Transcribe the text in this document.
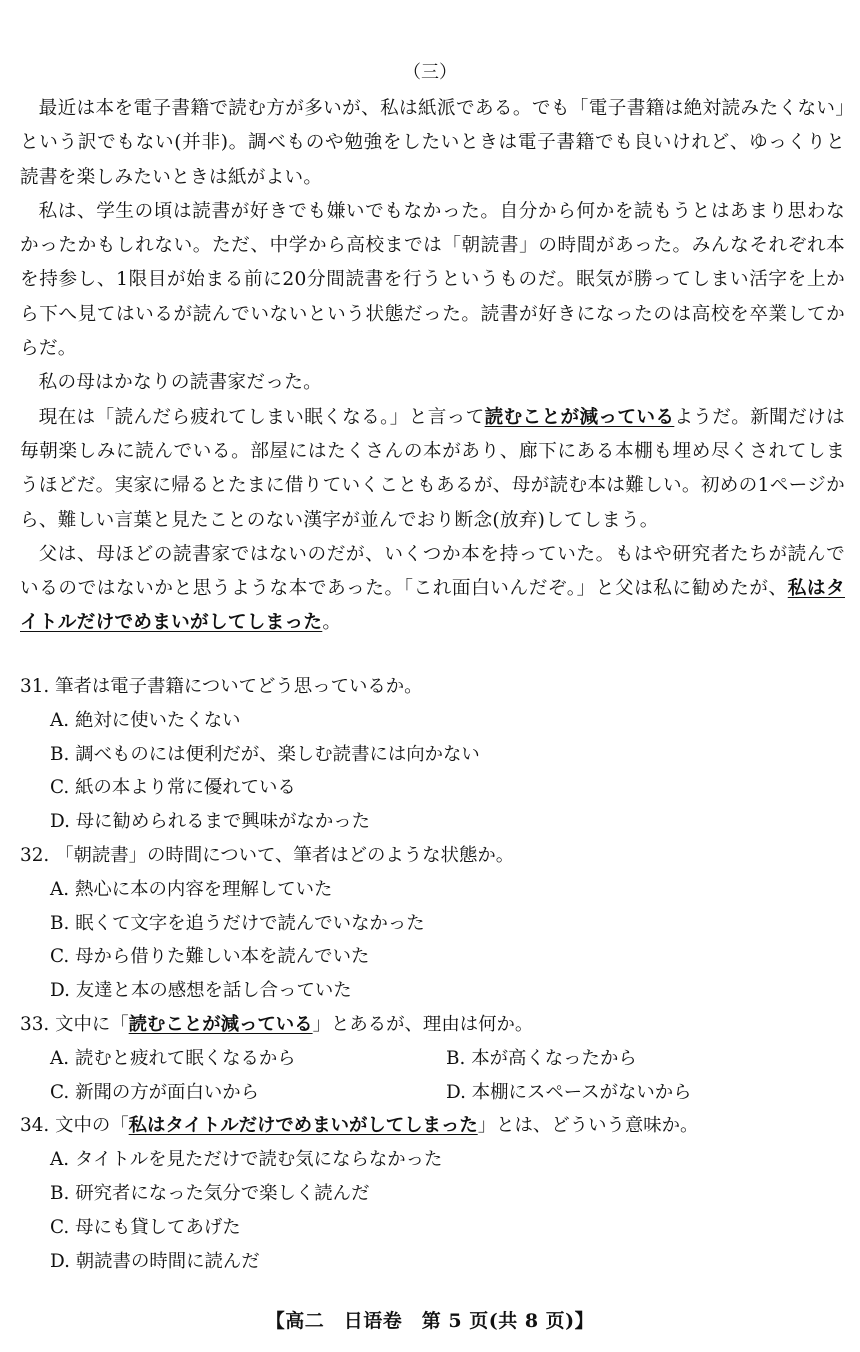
（三）

最近は本を電子書籍で読む方が多いが、私は紙派である。でも「電子書籍は絶対読みたくない」という訳でもない(并非)。調べものや勉強をしたいときは電子書籍でも良いけれど、ゆっくりと読書を楽しみたいときは紙がよい。

私は、学生の頃は読書が好きでも嫌いでもなかった。自分から何かを読もうとはあまり思わなかったかもしれない。ただ、中学から高校までは「朝読書」の時間があった。みんなそれぞれ本を持参し、1限目が始まる前に20分間読書を行うというものだ。眠気が勝ってしまい活字を上から下へ見てはいるが読んでいないという状態だった。読書が好きになったのは高校を卒業してからだ。

私の母はかなりの読書家だった。

現在は「読んだら疲れてしまい眠くなる。」と言って読むことが減っているようだ。新聞だけは毎朝楽しみに読んでいる。部屋にはたくさんの本があり、廊下にある本棚も埋め尽くされてしまうほどだ。実家に帰るとたまに借りていくこともあるが、母が読む本は難しい。初めの1ページから、難しい言葉と見たことのない漢字が並んでおり断念(放弃)してしまう。

父は、母ほどの読書家ではないのだが、いくつか本を持っていた。もはや研究者たちが読んでいるのではないかと思うような本であった。「これ面白いんだぞ。」と父は私に勧めたが、私はタイトルだけでめまいがしてしまった。

31. 筆者は電子書籍についてどう思っているか。

A. 絶対に使いたくない

B. 調べものには便利だが、楽しむ読書には向かない

C. 紙の本より常に優れている

D. 母に勧められるまで興味がなかった

32. 「朝読書」の時間について、筆者はどのような状態か。

A. 熱心に本の内容を理解していた

B. 眠くて文字を追うだけで読んでいなかった

C. 母から借りた難しい本を読んでいた

D. 友達と本の感想を話し合っていた

33. 文中に「読むことが減っている」とあるが、理由は何か。

A. 読むと疲れて眠くなるから	B. 本が高くなったから
C. 新聞の方が面白いから	D. 本棚にスペースがないから

34. 文中の「私はタイトルだけでめまいがしてしまった」とは、どういう意味か。

A. タイトルを見ただけで読む気にならなかった

B. 研究者になった気分で楽しく読んだ

C. 母にも貸してあげた

D. 朝読書の時間に読んだ

【高二　日语卷　第 5 页(共 8 页)】
